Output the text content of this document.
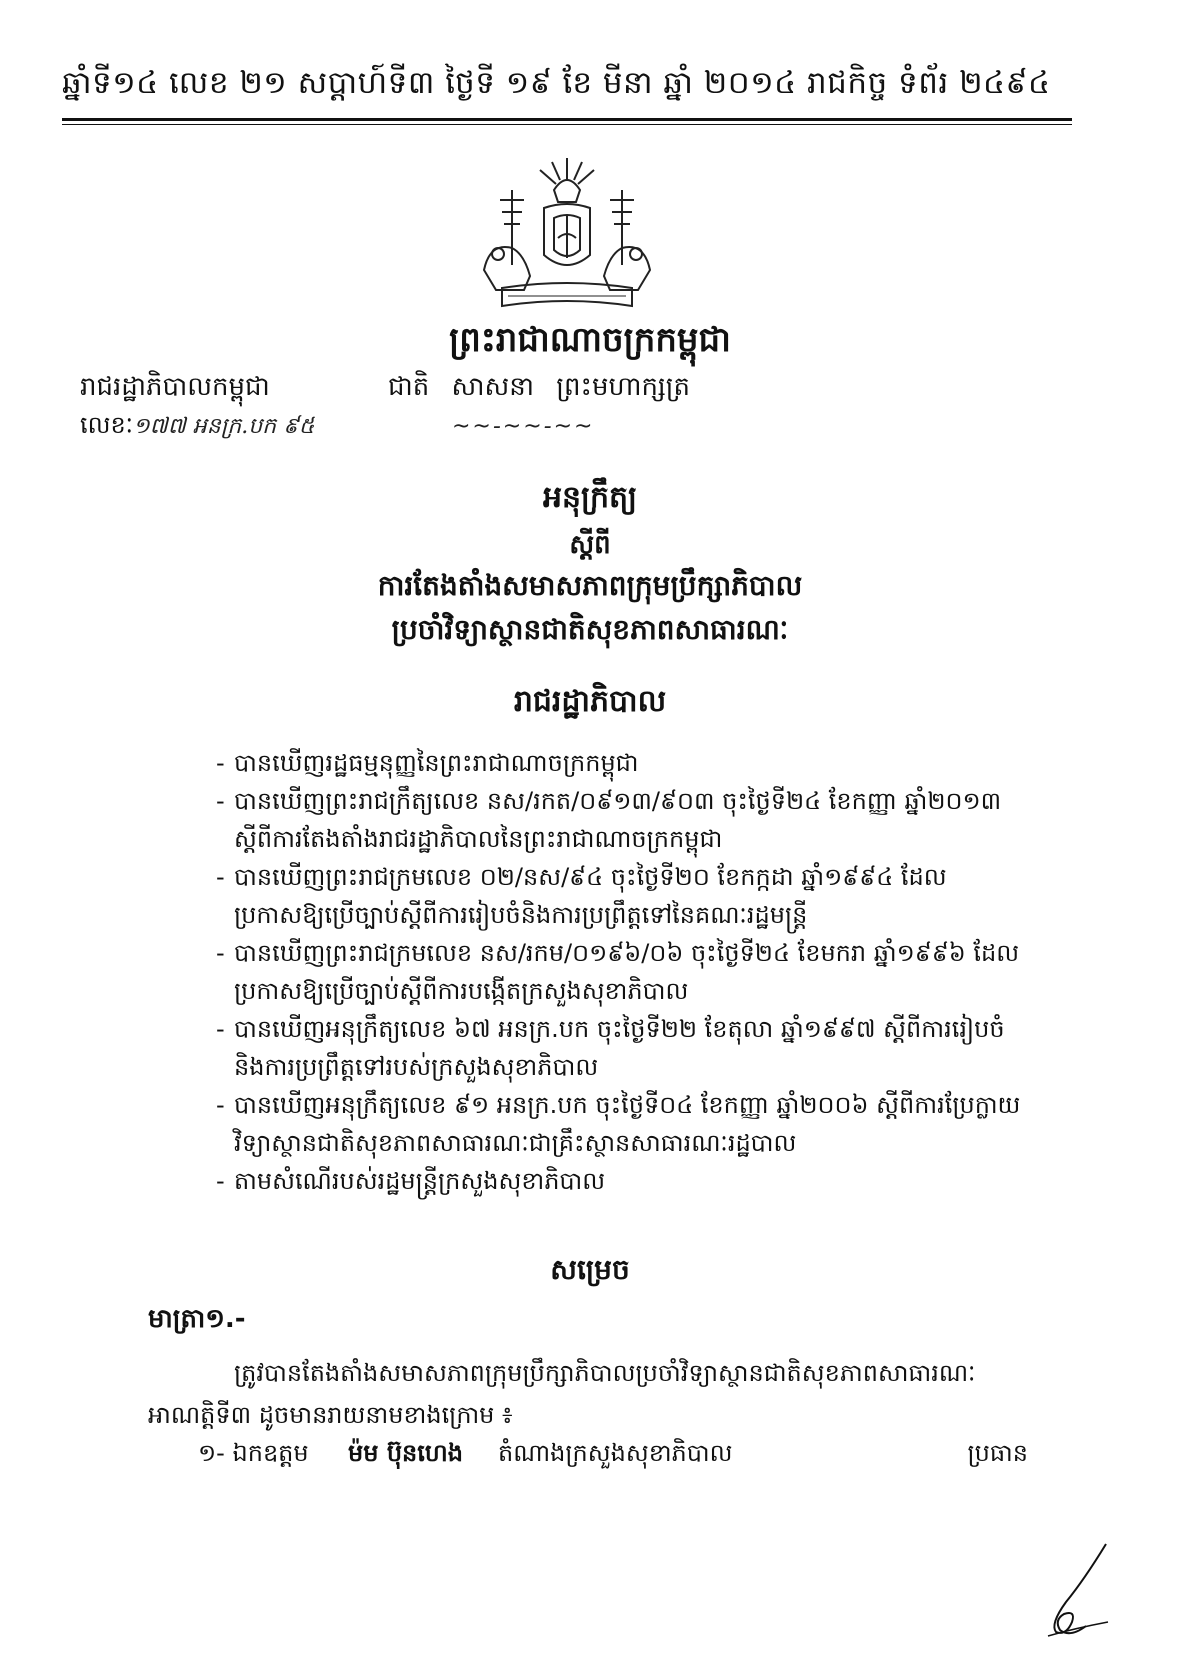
ឆ្នាំទី១៤ លេខ ២១ សប្តាហ៍ទី៣ ថ្ងៃទី ១៩ ខែ មីនា ឆ្នាំ ២០១៤ រាជកិច្ច ទំព័រ ២៤៩៤
ព្រះរាជាណាចក្រកម្ពុជា
រាជរដ្ឋាភិបាលកម្ពុជា	ជាតិ សាសនា ព្រះមហាក្សត្រ
លេខៈ១៧៧ អនក្រ.បក ៩៥	~~-~~-~~
អនុក្រឹត្យ
ស្តីពី
ការតែងតាំងសមាសភាពក្រុមប្រឹក្សាភិបាល
ប្រចាំវិទ្យាស្ថានជាតិសុខភាពសាធារណៈ
រាជរដ្ឋាភិបាល
- បានឃើញរដ្ឋធម្មនុញ្ញនៃព្រះរាជាណាចក្រកម្ពុជា
- បានឃើញព្រះរាជក្រឹត្យលេខ នស/រកត/០៩១៣/៩០៣ ចុះថ្ងៃទី២៤ ខែកញ្ញា ឆ្នាំ២០១៣ ស្តីពីការតែងតាំងរាជរដ្ឋាភិបាលនៃព្រះរាជាណាចក្រកម្ពុជា
- បានឃើញព្រះរាជក្រមលេខ ០២/នស/៩៤ ចុះថ្ងៃទី២០ ខែកក្កដា ឆ្នាំ១៩៩៤ ដែលប្រកាសឱ្យប្រើច្បាប់ស្តីពីការរៀបចំនិងការប្រព្រឹត្តទៅនៃគណៈរដ្ឋមន្ត្រី
- បានឃើញព្រះរាជក្រមលេខ នស/រកម/០១៩៦/០៦ ចុះថ្ងៃទី២៤ ខែមករា ឆ្នាំ១៩៩៦ ដែលប្រកាសឱ្យប្រើច្បាប់ស្តីពីការបង្កើតក្រសួងសុខាភិបាល
- បានឃើញអនុក្រឹត្យលេខ ៦៧ អនក្រ.បក ចុះថ្ងៃទី២២ ខែតុលា ឆ្នាំ១៩៩៧ ស្តីពីការរៀបចំនិងការប្រព្រឹត្តទៅរបស់ក្រសួងសុខាភិបាល
- បានឃើញអនុក្រឹត្យលេខ ៩១ អនក្រ.បក ចុះថ្ងៃទី០៤ ខែកញ្ញា ឆ្នាំ២០០៦ ស្តីពីការប្រែក្លាយវិទ្យាស្ថានជាតិសុខភាពសាធារណៈជាគ្រឹះស្ថានសាធារណៈរដ្ឋបាល
- តាមសំណើរបស់រដ្ឋមន្ត្រីក្រសួងសុខាភិបាល
សម្រេច
មាត្រា១.-
ត្រូវបានតែងតាំងសមាសភាពក្រុមប្រឹក្សាភិបាលប្រចាំវិទ្យាស្ថានជាតិសុខភាពសាធារណៈ អាណត្តិទី៣ ដូចមានរាយនាមខាងក្រោម ៖
១- ឯកឧត្តម ម៉ម ប៊ុនហេង តំណាងក្រសួងសុខាភិបាល	ប្រធាន
